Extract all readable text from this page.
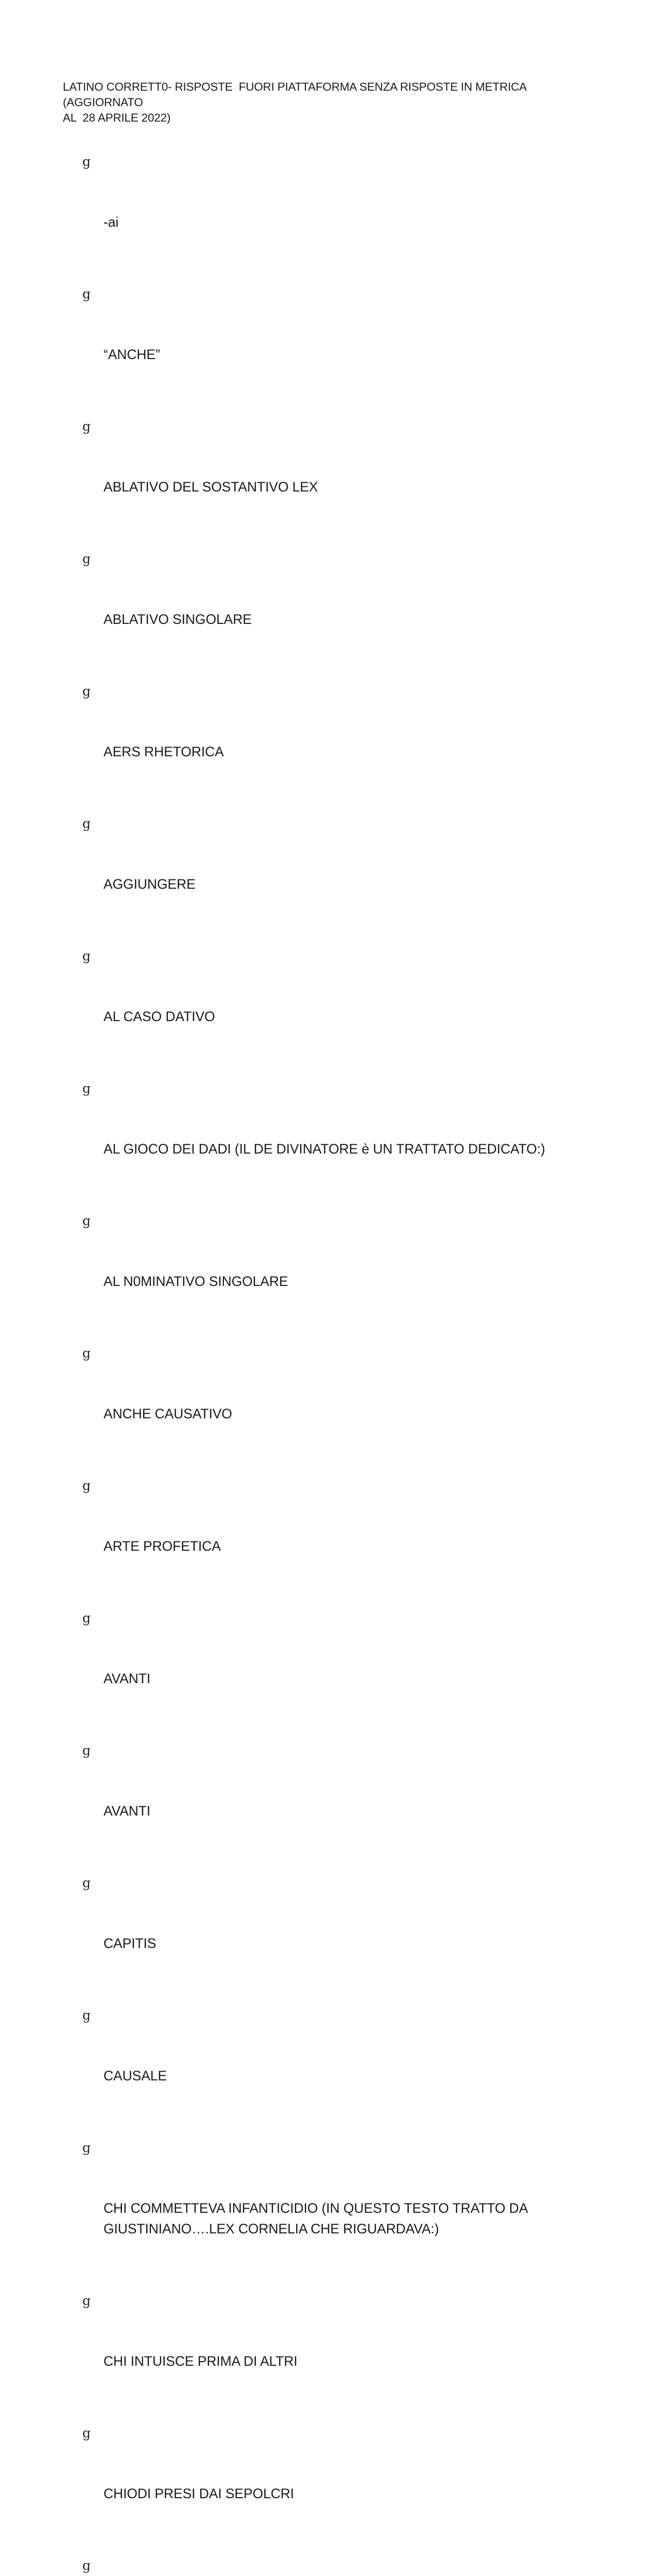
LATINO CORRETT0- RISPOSTE  FUORI PIATTAFORMA SENZA RISPOSTE IN METRICA  (AGGIORNATO
AL  28 APRILE 2022)

g

-ai

g

“ANCHE”

g

ABLATIVO DEL SOSTANTIVO LEX

g

ABLATIVO SINGOLARE

g

AERS RHETORICA

g

AGGIUNGERE

g

AL CASO DATIVO

g

AL GIOCO DEI DADI (IL DE DIVINATORE è UN TRATTATO DEDICATO:)

g

AL N0MINATIVO SINGOLARE

g

ANCHE CAUSATIVO

g

ARTE PROFETICA

g

AVANTI

g

AVANTI

g

CAPITIS

g

CAUSALE

g

CHI COMMETTEVA INFANTICIDIO (IN QUESTO TESTO TRATTO DA
GIUSTINIANO….LEX CORNELIA CHE RIGUARDAVA:)

g

CHI INTUISCE PRIMA DI ALTRI

g

CHIODI PRESI DAI SEPOLCRI

g
